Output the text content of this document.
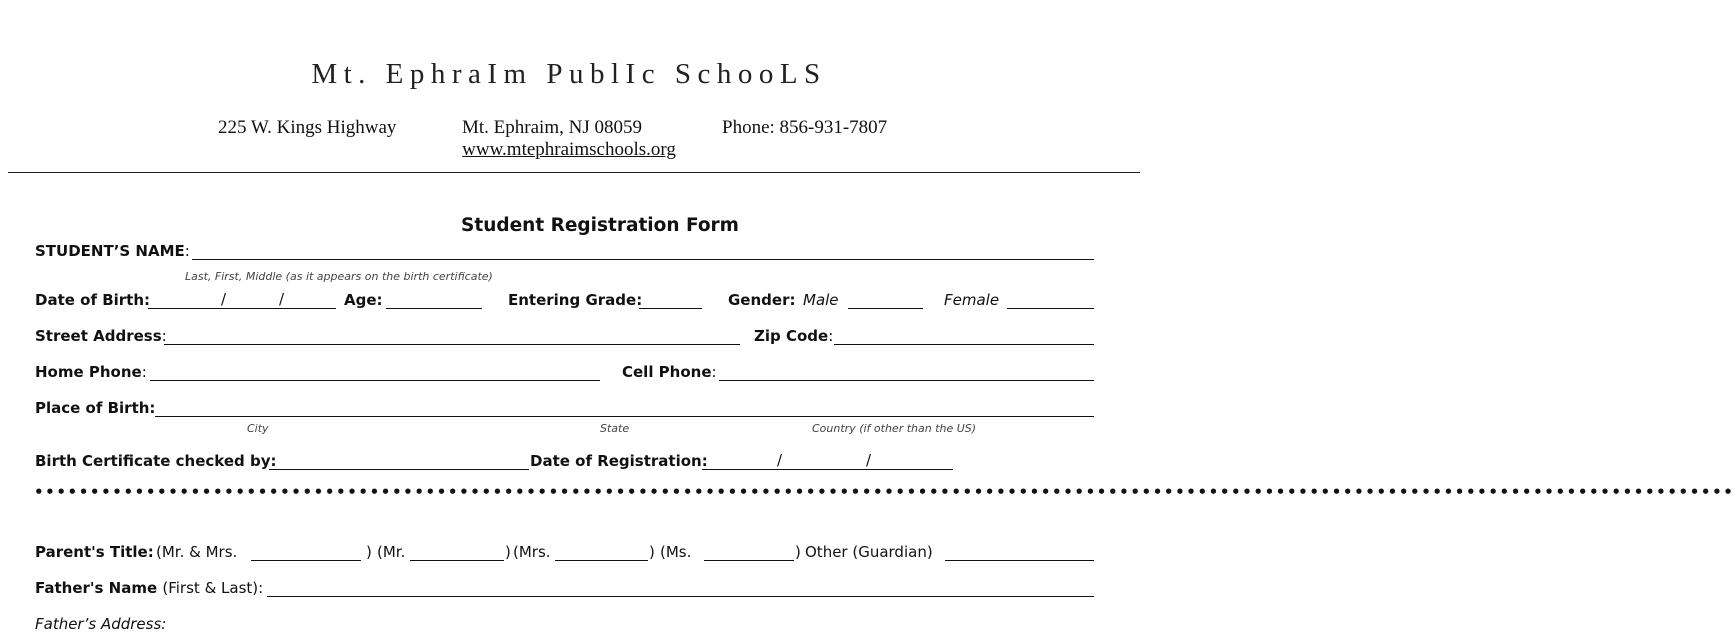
Mt. EphraIm PublIc SchooLS
225 W. Kings Highway	Mt. Ephraim, NJ 08059	Phone: 856-931-7807
www.mtephraimschools.org
Student Registration Form
STUDENT’S NAME:
Last, First, Middle (as it appears on the birth certificate)
Date of Birth:	/	/	Age:	Entering Grade:	Gender: Male	Female
Street Address:	Zip Code:
Home Phone:	Cell Phone:
Place of Birth:
City	State	Country (if other than the US)
Birth Certificate checked by:	Date of Registration:	/	/
••••••••••••••••••••••••••••••••••••••••••••••••••••••••••••••••••••••••••••••••••••••••••••••••••••••••••••••••••••••••••••••••••••••••••••••••••••••••
Parent's Title: (Mr. & Mrs.	) (Mr.	) (Mrs.	) (Ms.	) Other (Guardian)
Father's Name (First & Last):
Father’s Address:
